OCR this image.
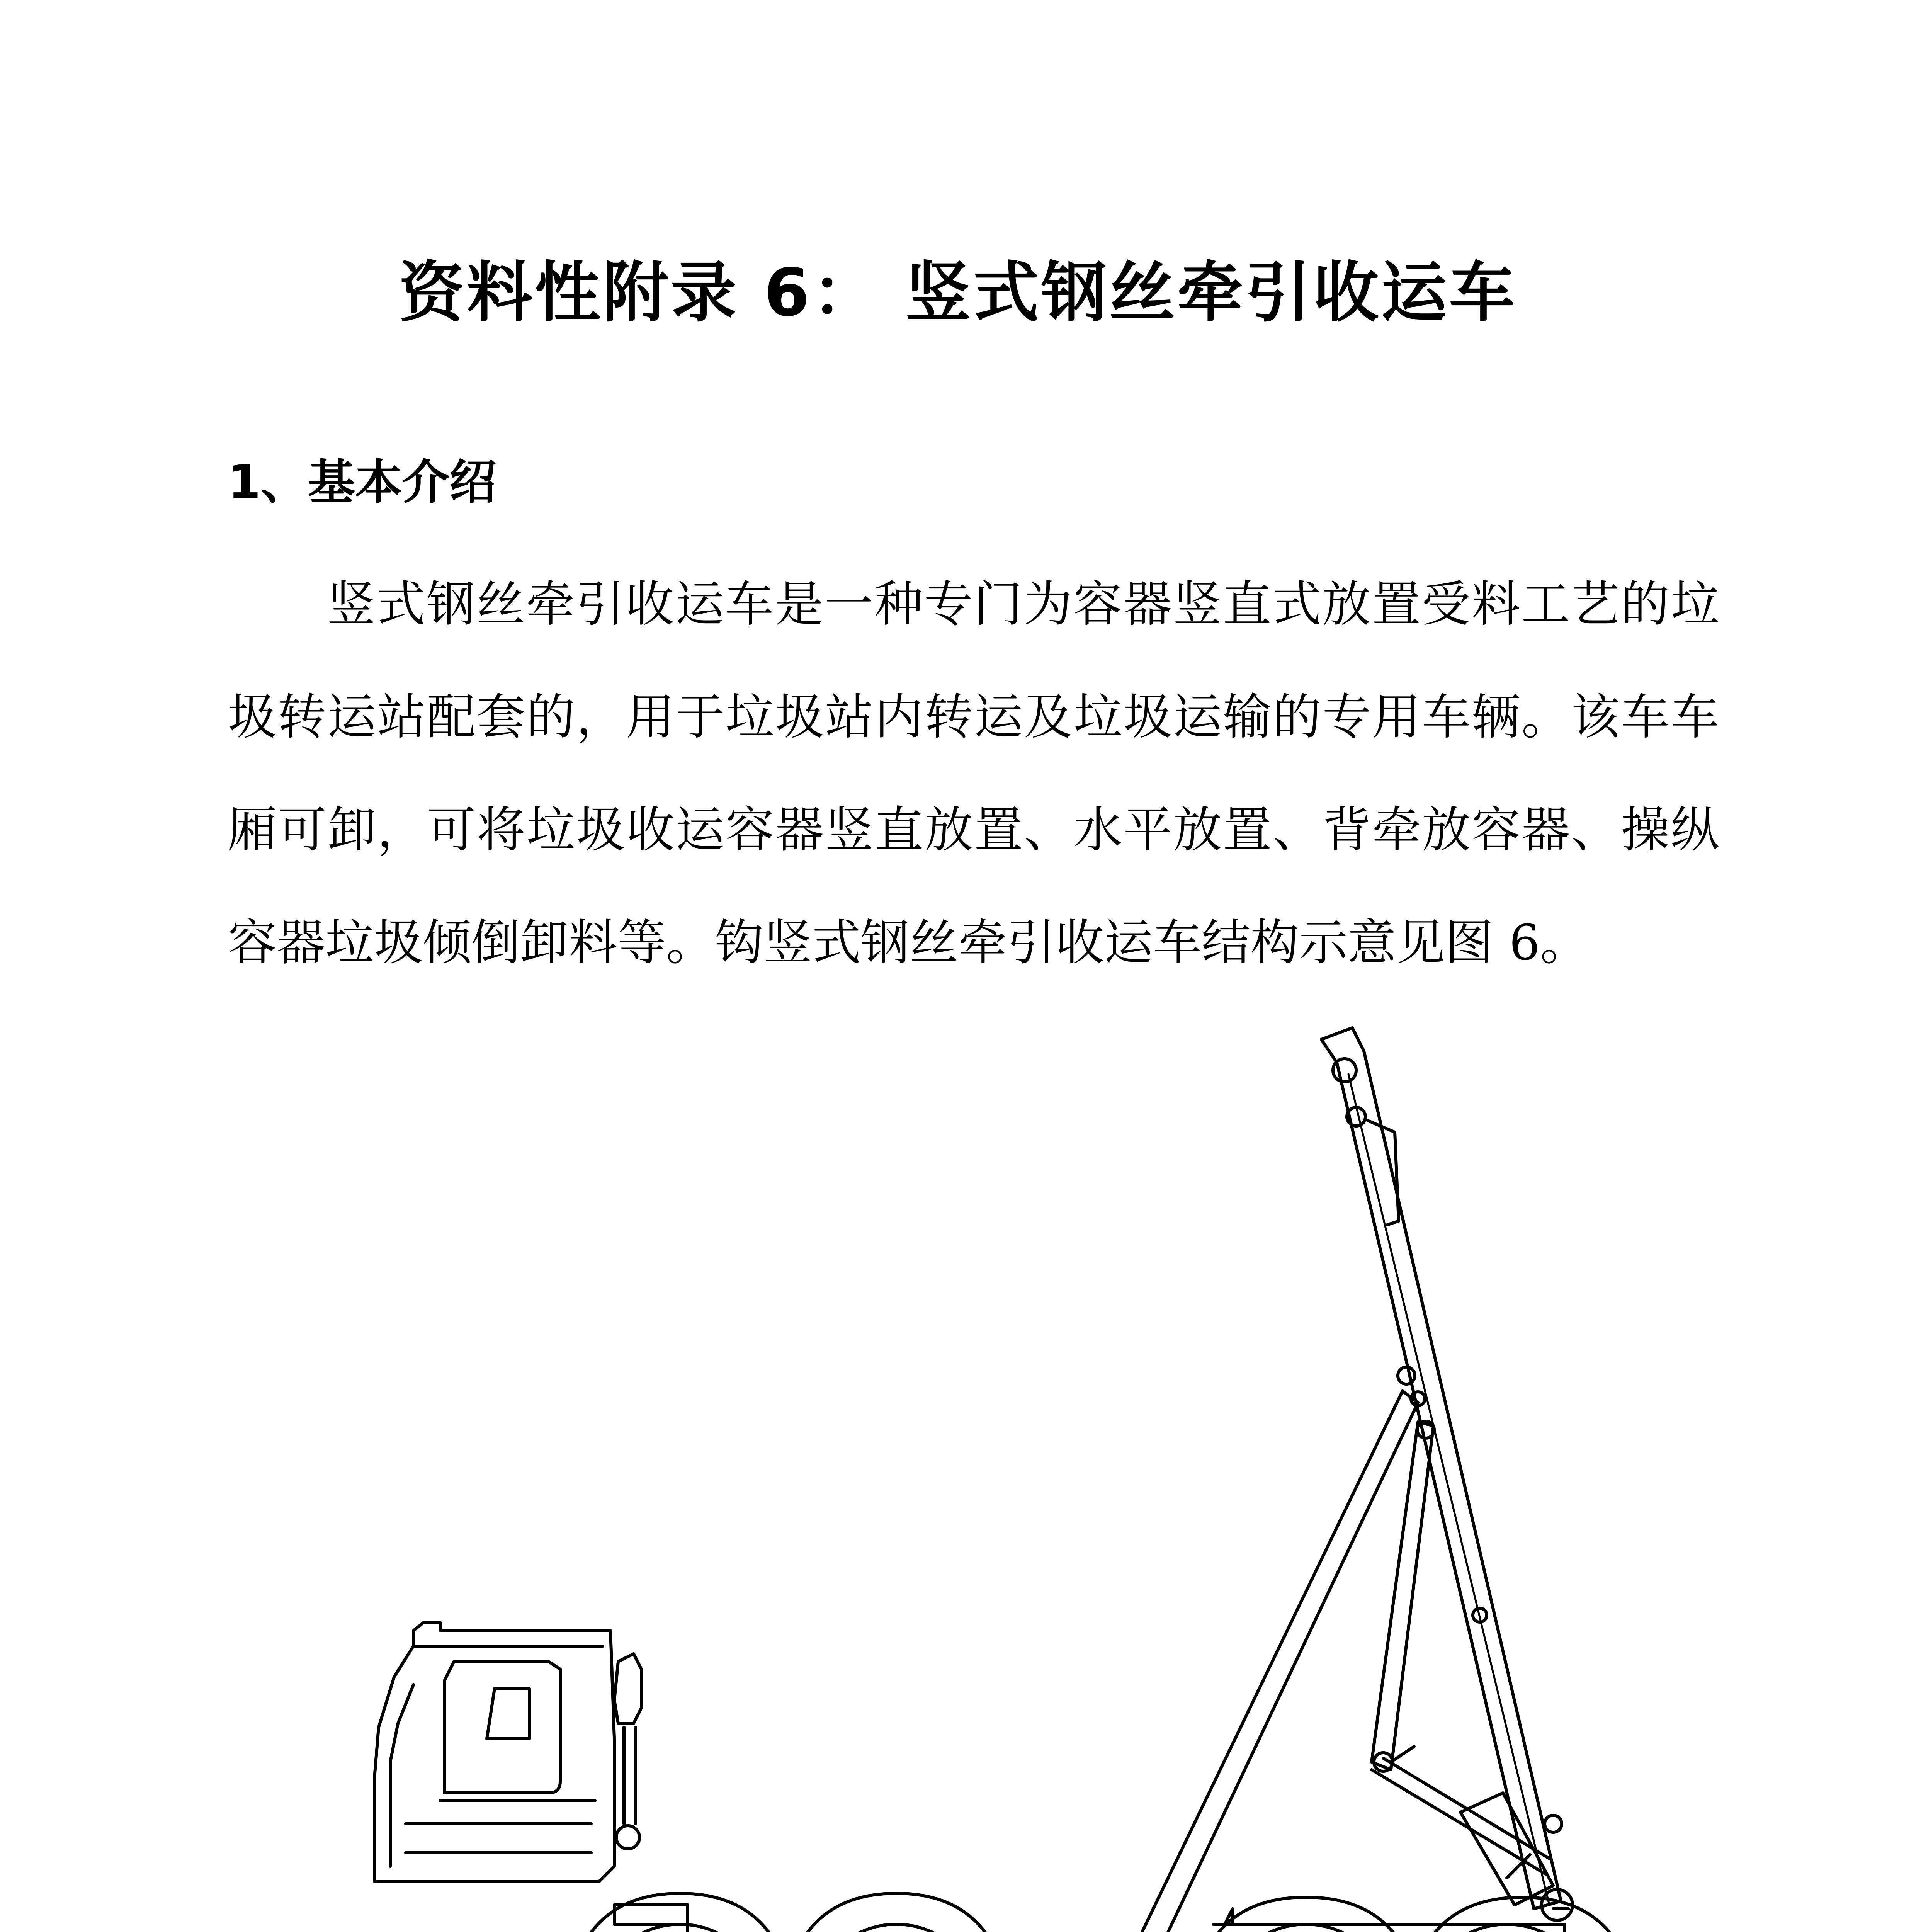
资料性附录 6： 竖式钢丝牵引收运车
1、基本介绍
竖式钢丝牵引收运车是一种专门为容器竖直式放置受料工艺的垃圾转运站配套的，用于垃圾站内转运及垃圾运输的专用车辆。该车车厢可卸，可将垃圾收运容器竖直放置、水平放置、背牵放容器、操纵容器垃圾倾倒卸料等。钩竖式钢丝牵引收运车结构示意见图 6。
